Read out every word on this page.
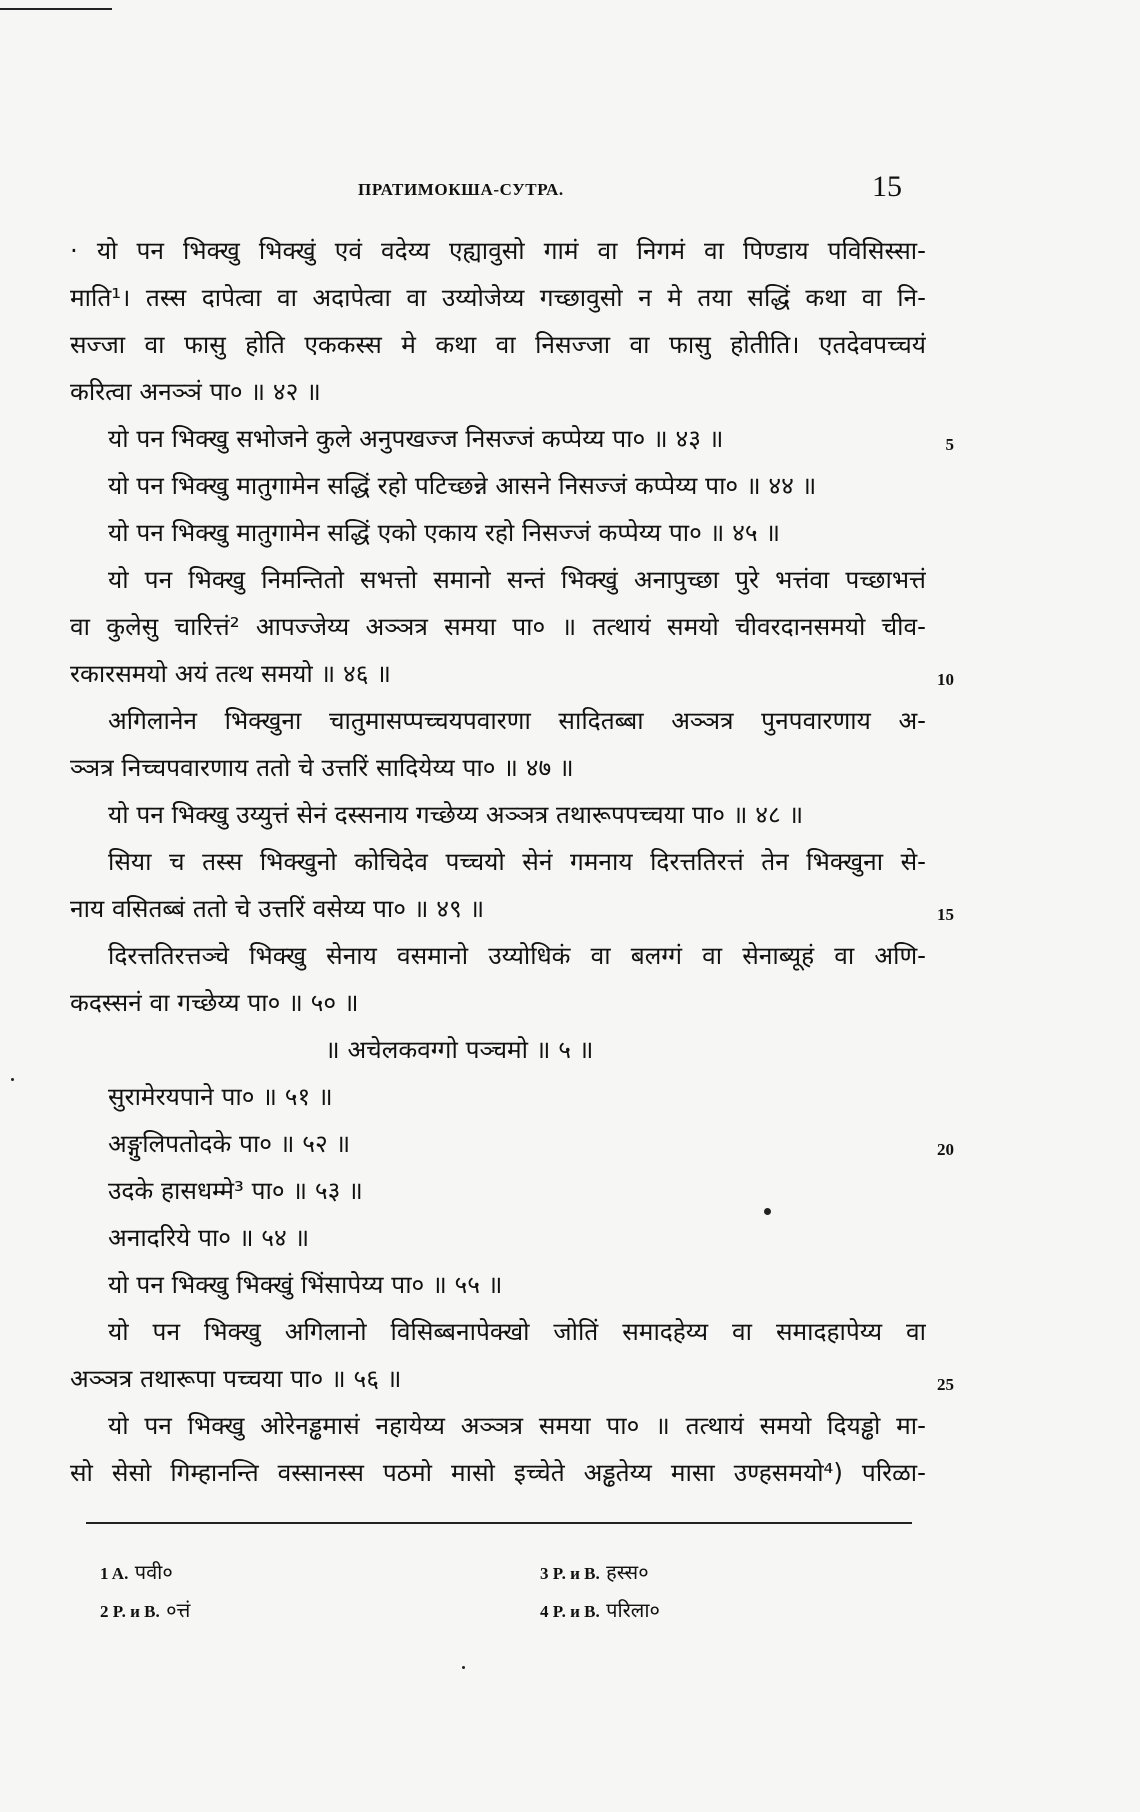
ПРАТИМОКША-СУТРА.	15
· यो पन भिक्खु भिक्खुं एवं वदेय्य एह्यावुसो गामं वा निगमं वा पिण्डाय पविसिस्सा-
माति¹। तस्स दापेत्वा वा अदापेत्वा वा उय्योजेय्य गच्छावुसो न मे तया सद्धिं कथा वा नि-
सज्जा वा फासु होति एककस्स मे कथा वा निसज्जा वा फासु होतीति। एतदेवपच्चयं
करित्वा अनञ्ञं पा० ॥ ४२ ॥
यो पन भिक्खु सभोजने कुले अनुपखज्ज निसज्जं कप्पेय्य पा० ॥ ४३ ॥
यो पन भिक्खु मातुगामेन सद्धिं रहो पटिच्छन्ने आसने निसज्जं कप्पेय्य पा० ॥ ४४ ॥
यो पन भिक्खु मातुगामेन सद्धिं एको एकाय रहो निसज्जं कप्पेय्य पा० ॥ ४५ ॥
यो पन भिक्खु निमन्तितो सभत्तो समानो सन्तं भिक्खुं अनापुच्छा पुरे भत्तंवा पच्छाभत्तं
वा कुलेसु चारित्तं² आपज्जेय्य अञ्ञत्र समया पा० ॥ तत्थायं समयो चीवरदानसमयो चीव-
रकारसमयो अयं तत्थ समयो ॥ ४६ ॥
अगिलानेन भिक्खुना चातुमासप्पच्चयपवारणा सादितब्बा अञ्ञत्र पुनपवारणाय अ-
ञ्ञत्र निच्चपवारणाय ततो चे उत्तरिं सादियेय्य पा० ॥ ४७ ॥
यो पन भिक्खु उय्युत्तं सेनं दस्सनाय गच्छेय्य अञ्ञत्र तथारूपपच्चया पा० ॥ ४८ ॥
सिया च तस्स भिक्खुनो कोचिदेव पच्चयो सेनं गमनाय दिरत्ततिरत्तं तेन भिक्खुना से-
नाय वसितब्बं ततो चे उत्तरिं वसेय्य पा० ॥ ४९ ॥
दिरत्ततिरत्तञ्चे भिक्खु सेनाय वसमानो उय्योधिकं वा बलग्गं वा सेनाब्यूहं वा अणि-
कदस्सनं वा गच्छेय्य पा० ॥ ५० ॥
॥ अचेलकवग्गो पञ्चमो ॥ ५ ॥
सुरामेरयपाने पा० ॥ ५१ ॥
अङ्गुलिपतोदके पा० ॥ ५२ ॥
उदके हासधम्मे³ पा० ॥ ५३ ॥
अनादरिये पा० ॥ ५४ ॥
यो पन भिक्खु भिक्खुं भिंसापेय्य पा० ॥ ५५ ॥
यो पन भिक्खु अगिलानो विसिब्बनापेक्खो जोतिं समादहेय्य वा समादहापेय्य वा
अञ्ञत्र तथारूपा पच्चया पा० ॥ ५६ ॥
यो पन भिक्खु ओरेनड्ढमासं नहायेय्य अञ्ञत्र समया पा० ॥ तत्थायं समयो दियड्ढो मा-
सो सेसो गिम्हानन्ति वस्सानस्स पठमो मासो इच्चेते अड्ढतेय्य मासा उण्हसमयो⁴) परिळा-
5
10
15
20
25
1 A. पवी०	3 P. и B. हस्स०
2 P. и B. ०त्तं	4 P. и B. परिला०
